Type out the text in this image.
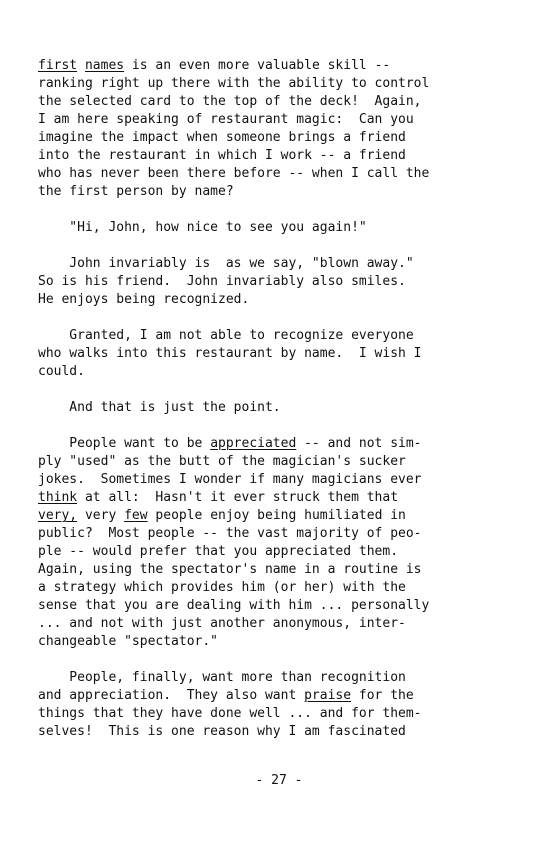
first names is an even more valuable skill --
ranking right up there with the ability to control
the selected card to the top of the deck!  Again,
I am here speaking of restaurant magic:  Can you
imagine the impact when someone brings a friend
into the restaurant in which I work -- a friend
who has never been there before -- when I call the
the first person by name?
"Hi, John, how nice to see you again!"
John invariably is  as we say, "blown away."
So is his friend.  John invariably also smiles.
He enjoys being recognized.
Granted, I am not able to recognize everyone
who walks into this restaurant by name.  I wish I
could.
And that is just the point.
People want to be appreciated -- and not sim-
ply "used" as the butt of the magician's sucker
jokes.  Sometimes I wonder if many magicians ever
think at all:  Hasn't it ever struck them that
very, very few people enjoy being humiliated in
public?  Most people -- the vast majority of peo-
ple -- would prefer that you appreciated them.
Again, using the spectator's name in a routine is
a strategy which provides him (or her) with the
sense that you are dealing with him ... personally
... and not with just another anonymous, inter-
changeable "spectator."
People, finally, want more than recognition
and appreciation.  They also want praise for the
things that they have done well ... and for them-
selves!  This is one reason why I am fascinated
- 27 -
